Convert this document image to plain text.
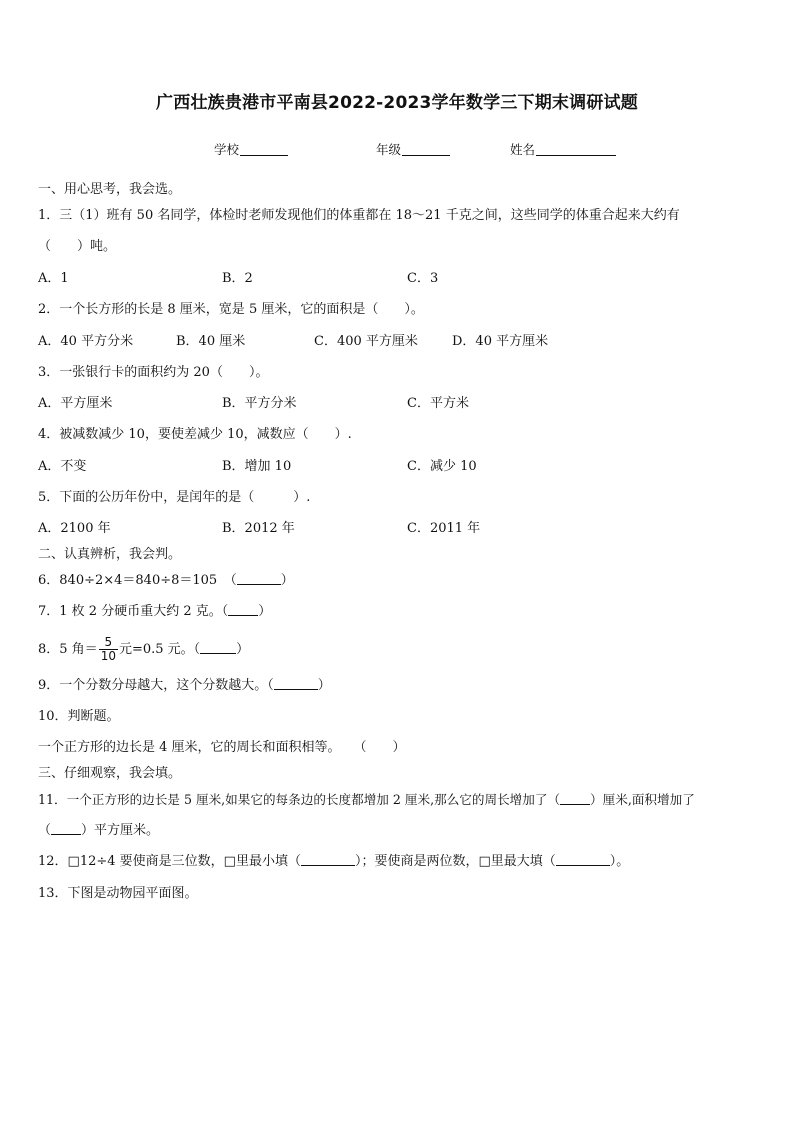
广西壮族贵港市平南县2022-2023学年数学三下期末调研试题
学校	年级	姓名
一、用心思考，我会选。
1．三（1）班有 50 名同学，体检时老师发现他们的体重都在 18～21 千克之间，这些同学的体重合起来大约有
（　　）吨。
A．1	B．2	C．3
2．一个长方形的长是 8 厘米，宽是 5 厘米，它的面积是（　　）。
A．40 平方分米	B．40 厘米	C．400 平方厘米	D．40 平方厘米
3．一张银行卡的面积约为 20（　　）。
A．平方厘米	B．平方分米	C．平方米
4．被减数减少 10，要使差减少 10，减数应（　　）.
A．不变	B．增加 10	C．减少 10
5．下面的公历年份中，是闰年的是（　　　）.
A．2100 年	B．2012 年	C．2011 年
二、认真辨析，我会判。
6．840÷2×4＝840÷8＝105　（	）
7．1 枚 2 分硬币重大约 2 克。（ ）
8．5 角＝ $\frac{5}{10}$ 元=0.5 元。（	）
9．一个分数分母越大，这个分数越大。（	）
10．判断题。
一个正方形的边长是 4 厘米，它的周长和面积相等。　　（　　）
三、仔细观察，我会填。
11．一个正方形的边长是 5 厘米,如果它的每条边的长度都增加 2 厘米,那么它的周长增加了（ ）厘米,面积增加了
（ ）平方厘米。
12．□12÷4 要使商是三位数，□里最小填（	）；要使商是两位数，□里最大填（	）。
13．下图是动物园平面图。
